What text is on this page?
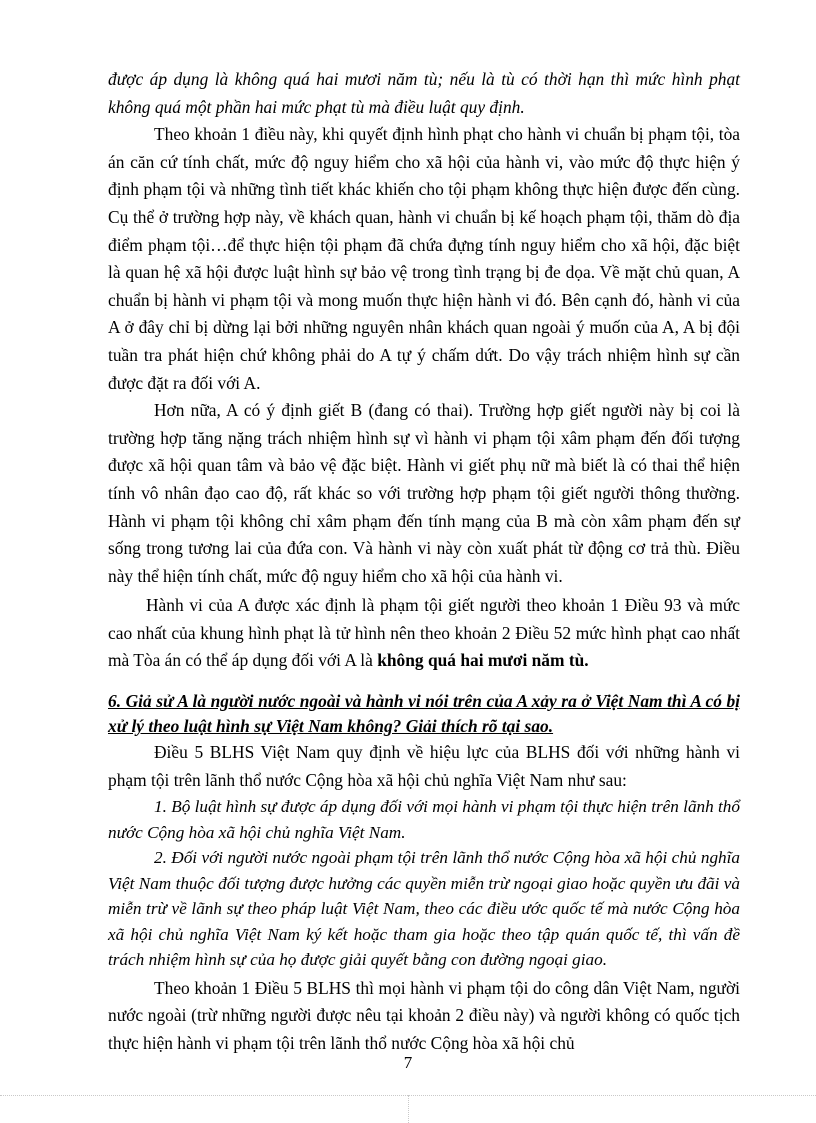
được áp dụng là không quá hai mươi năm tù; nếu là tù có thời hạn thì mức hình phạt không quá một phần hai mức phạt tù mà điều luật quy định.

Theo khoản 1 điều này, khi quyết định hình phạt cho hành vi chuẩn bị phạm tội, tòa án căn cứ tính chất, mức độ nguy hiểm cho xã hội của hành vi, vào mức độ thực hiện ý định phạm tội và những tình tiết khác khiến cho tội phạm không thực hiện được đến cùng. Cụ thể ở trường hợp này, về khách quan, hành vi chuẩn bị kế hoạch phạm tội, thăm dò địa điểm phạm tội…để thực hiện tội phạm đã chứa đựng tính nguy hiểm cho xã hội, đặc biệt là quan hệ xã hội được luật hình sự bảo vệ trong tình trạng bị đe dọa. Về mặt chủ quan, A chuẩn bị hành vi phạm tội và mong muốn thực hiện hành vi đó. Bên cạnh đó, hành vi của A ở đây chỉ bị dừng lại bởi những nguyên nhân khách quan ngoài ý muốn của A, A bị đội tuần tra phát hiện chứ không phải do A tự ý chấm dứt. Do vậy trách nhiệm hình sự cần được đặt ra đối với A.

Hơn nữa, A có ý định giết B (đang có thai). Trường hợp giết người này bị coi là trường hợp tăng nặng trách nhiệm hình sự vì hành vi phạm tội xâm phạm đến đối tượng được xã hội quan tâm và bảo vệ đặc biệt. Hành vi giết phụ nữ mà biết là có thai thể hiện tính vô nhân đạo cao độ, rất khác so với trường hợp phạm tội giết người thông thường. Hành vi phạm tội không chỉ xâm phạm đến tính mạng của B mà còn xâm phạm đến sự sống trong tương lai của đứa con. Và hành vi này còn xuất phát từ động cơ trả thù. Điều này thể hiện tính chất, mức độ nguy hiểm cho xã hội của hành vi.

Hành vi của A được xác định là phạm tội giết người theo khoản 1 Điều 93 và mức cao nhất của khung hình phạt là tử hình nên theo khoản 2 Điều 52 mức hình phạt cao nhất mà Tòa án có thể áp dụng đối với A là không quá hai mươi năm tù.

6. Giả sử A là người nước ngoài và hành vi nói trên của A xảy ra ở Việt Nam thì A có bị xử lý theo luật hình sự Việt Nam không? Giải thích rõ tại sao.

Điều 5 BLHS Việt Nam quy định về hiệu lực của BLHS đối với những hành vi phạm tội trên lãnh thổ nước Cộng hòa xã hội chủ nghĩa Việt Nam như sau:

1. Bộ luật hình sự được áp dụng đối với mọi hành vi phạm tội thực hiện trên lãnh thổ nước Cộng hòa xã hội chủ nghĩa Việt Nam.

2. Đối với người nước ngoài phạm tội trên lãnh thổ nước Cộng hòa xã hội chủ nghĩa Việt Nam thuộc đối tượng được hưởng các quyền miễn trừ ngoại giao hoặc quyền ưu đãi và miễn trừ về lãnh sự theo pháp luật Việt Nam, theo các điều ước quốc tế mà nước Cộng hòa xã hội chủ nghĩa Việt Nam ký kết hoặc tham gia hoặc theo tập quán quốc tế, thì vấn đề trách nhiệm hình sự của họ được giải quyết bằng con đường ngoại giao.

Theo khoản 1 Điều 5 BLHS thì mọi hành vi phạm tội do công dân Việt Nam, người nước ngoài (trừ những người được nêu tại khoản 2 điều này) và người không có quốc tịch thực hiện hành vi phạm tội trên lãnh thổ nước Cộng hòa xã hội chủ

7
